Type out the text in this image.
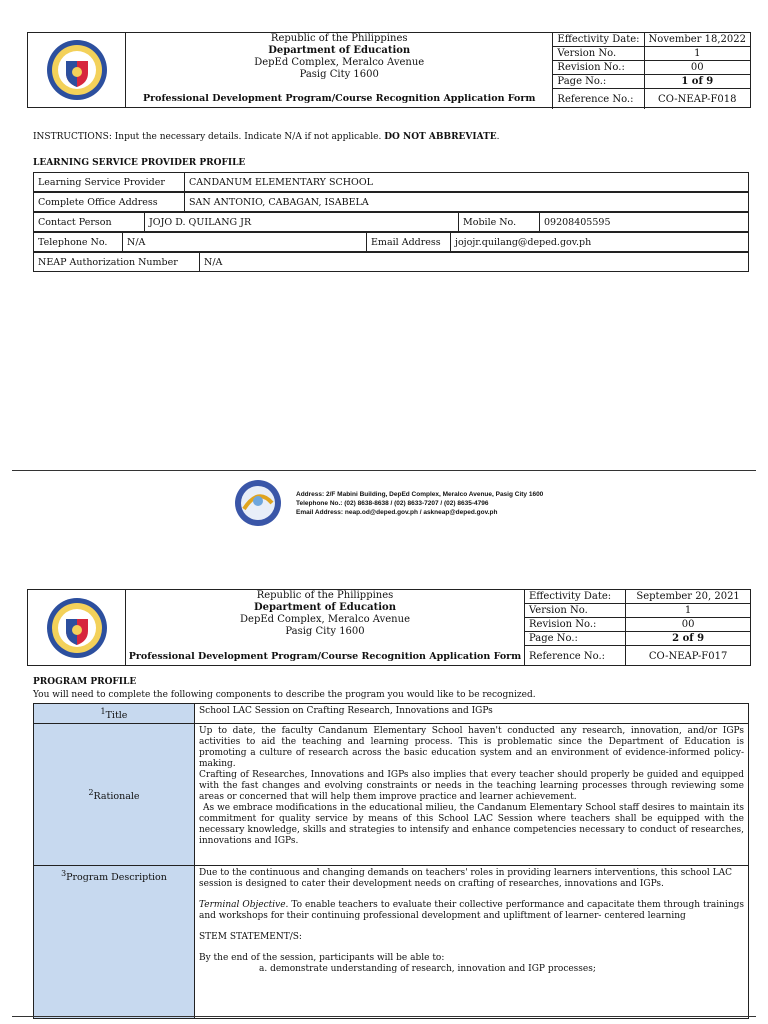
Republic of the Philippines
Department of Education
DepEd Complex, Meralco Avenue
Pasig City 1600
Professional Development Program/Course Recognition Application Form
Effectivity Date:	November 18,2022
Version No.	1
Revision No.:	00
Page No.:	1 of 9
Reference No.:	CO-NEAP-F018
INSTRUCTIONS: Input the necessary details. Indicate N/A if not applicable. DO NOT ABBREVIATE.
LEARNING SERVICE PROVIDER PROFILE
Learning Service Provider	CANDANUM ELEMENTARY SCHOOL
Complete Office Address	SAN ANTONIO, CABAGAN, ISABELA
Contact Person	JOJO D. QUILANG JR	Mobile No.	09208405595
Telephone No.	N/A	Email Address	jojojr.quilang@deped.gov.ph
NEAP Authorization Number	N/A
Address: 2/F Mabini Building, DepEd Complex, Meralco Avenue, Pasig City 1600
Telephone No.: (02) 8638-8638 / (02) 8633-7207 / (02) 8635-4796
Email Address: neap.od@deped.gov.ph / askneap@deped.gov.ph
Republic of the Philippines
Department of Education
DepEd Complex, Meralco Avenue
Pasig City 1600
Professional Development Program/Course Recognition Application Form
Effectivity Date:	September 20, 2021
Version No.	1
Revision No.:	00
Page No.:	2 of 9
Reference No.:	CO-NEAP-F017
PROGRAM PROFILE
You will need to complete the following components to describe the program you would like to be recognized.
$^1$Title	School LAC Session on Crafting Research, Innovations and IGPs
$^2$Rationale	Up to date, the faculty Candanum Elementary School haven't conducted any research, innovation, and/or IGPs activities to aid the teaching and learning process. This is problematic since the Department of Education is promoting a culture of research across the basic education system and an environment of evidence-informed policy-making.

Crafting of Researches, Innovations and IGPs also implies that every teacher should properly be guided and equipped with the fast changes and evolving constraints or needs in the teaching learning processes through reviewing some areas or concerned that will help them improve practice and learner achievement.

As we embrace modifications in the educational milieu, the Candanum Elementary School staff desires to maintain its commitment for quality service by means of this School LAC Session where teachers shall be equipped with the necessary knowledge, skills and strategies to intensify and enhance competencies necessary to conduct of researches, innovations and IGPs.

$^3$Program Description	Due to the continuous and changing demands on teachers' roles in providing learners interventions, this school LAC session is designed to cater their development needs on crafting of researches, innovations and IGPs.

Terminal Objective. To enable teachers to evaluate their collective performance and capacitate them through trainings and workshops for their continuing professional development and upliftment of learner- centered learning

STEM STATEMENT/S:

By the end of the session, participants will be able to:

a. demonstrate understanding of research, innovation and IGP processes;
